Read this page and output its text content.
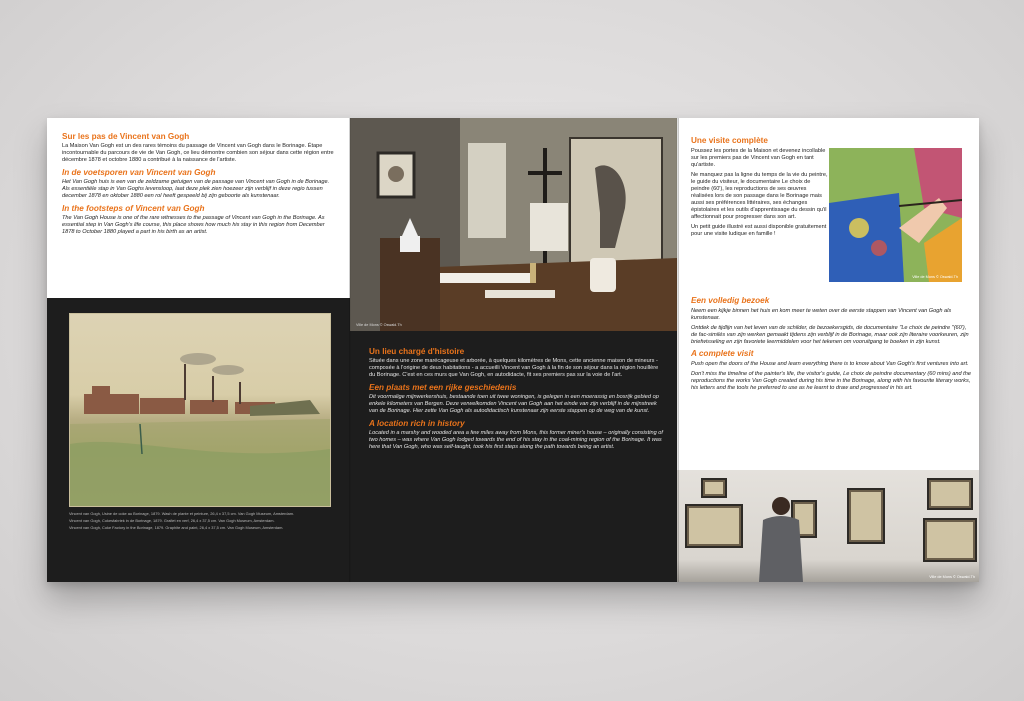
Sur les pas de Vincent van Gogh

La Maison Van Gogh est un des rares témoins du passage de Vincent van Gogh dans le Borinage. Étape incontournable du parcours de vie de Van Gogh, ce lieu démontre combien son séjour dans cette région entre décembre 1878 et octobre 1880 a contribué à la naissance de l'artiste.

In de voetsporen van Vincent van Gogh

Het Van Gogh huis is een van de zeldzame getuigen van de passage van Vincent van Gogh in de Borinage. Als essentiële stap in Van Goghs levensloop, laat deze plek zien hoezeer zijn verblijf in deze regio tussen december 1878 en oktober 1880 een rol heeft gespeeld bij zijn geboorte als kunstenaar.

In the footsteps of Vincent van Gogh

The Van Gogh House is one of the rare witnesses to the passage of Vincent van Gogh in the Borinage. As essential step in Van Gogh's life course, this place shows how much his stay in this region from December 1878 to October 1880 played a part in his birth as an artist.

Vincent van Gogh, Usine de coke au Borinage, 1879. Wash de plante et peinture, 26,4 x 37,5 cm. Van Gogh Museum, Amsterdam.

Vincent van Gogh, Cokesfabriek in de Borinage, 1879. Grafiet en verf, 26,4 x 37,5 cm. Van Gogh Museum, Amsterdam.

Vincent van Gogh, Coke Factory in the Borinage, 1879. Graphite and paint, 26,4 x 37,5 cm. Van Gogh Museum, Amsterdam.

Ville de Mons © Oswald.Th
Un lieu chargé d'histoire

Située dans une zone marécageuse et arborée, à quelques kilomètres de Mons, cette ancienne maison de mineurs - composée à l'origine de deux habitations - a accueilli Vincent van Gogh à la fin de son séjour dans la région houillère du Borinage. C'est en ces murs que Van Gogh, en autodidacte, fit ses premiers pas sur la voie de l'art.

Een plaats met een rijke geschiedenis

Dit voormalige mijnwerkershuis, bestaande toen uit twee woningen, is gelegen in een moerassig en bosrijk gebied op enkele kilometers van Bergen. Deze verwelkomden Vincent van Gogh aan het einde van zijn verblijf in de mijnstreek van de Borinage. Hier zette Van Gogh als autodidactisch kunstenaar zijn eerste stappen op de weg van de kunst.

A location rich in history

Located in a marshy and wooded area a few miles away from Mons, this former miner's house – originally consisting of two homes – was where Van Gogh lodged towards the end of his stay in the coal-mining region of the Borinage. It was here that Van Gogh, who was self-taught, took his first steps along the path towards being an artist.

Une visite complète

Poussez les portes de la Maison et devenez incollable sur les premiers pas de Vincent van Gogh en tant qu'artiste.

Ne manquez pas la ligne du temps de la vie du peintre, le guide du visiteur, le documentaire Le choix de peindre (60'), les reproductions de ses œuvres réalisées lors de son passage dans le Borinage mais aussi ses préférences littéraires, ses échanges épistolaires et les outils d'apprentissage du dessin qu'il affectionnait pour progresser dans son art.

Un petit guide illustré est aussi disponible gratuitement pour une visite ludique en famille !

Ville de Mons © Oswald.Th
Een volledig bezoek

Neem een kijkje binnen het huis en kom meer te weten over de eerste stappen van Vincent van Gogh als kunstenaar.

Ontdek de tijdlijn van het leven van de schilder, de bezoekersgids, de documentaire "Le choix de peindre "(60'), de fac-similés van zijn werken gemaakt tijdens zijn verblijf in de Borinage, maar ook zijn literaire voorkeuren, zijn briefwisseling en zijn favoriete leermiddelen voor het tekenen om vooruitgang te boeken in zijn kunst.

A complete visit

Push open the doors of the House and learn everything there is to know about Van Gogh's first ventures into art.

Don't miss the timeline of the painter's life, the visitor's guide, Le choix de peindre documentary (60 mins) and the reproductions the works Van Gogh created during his time in the Borinage, along with his favourite literary works, his letters and the tools he preferred to use as he learnt to draw and progressed in his art.

Ville de Mons © Oswald.Th
